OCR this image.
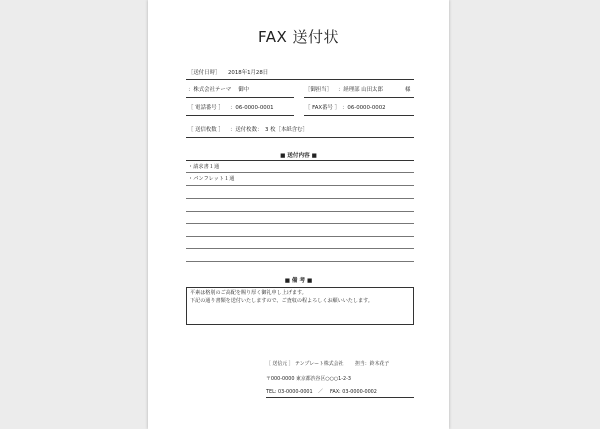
FAX 送付状
［送付日時］ 2018年1月28日
：株式会社テーマ　 御中	［御担当］ ：経理部 山田太郎	様
［ 電話番号 ］ ：06-0000-0001	［ FAX番号 ］ ：06-0000-0002
［ 送信枚数 ］ ：送付枚数：　3 枚［本紙含む］
■ 送付内容 ■
・請求書１通
・パンフレット１通
■ 備 考 ■
平素は格別のご高配を賜り厚く御礼申し上げます。
下記の通り書類を送付いたしますので、ご査収の程よろしくお願いいたします。
［ 送信元 ］ テンプレート株式会社 担当：鈴木花子
〒000-0000 東京都渋谷区○○○1-2-3
TEL: 03-0000-0001 ／ FAX: 03-0000-0002
